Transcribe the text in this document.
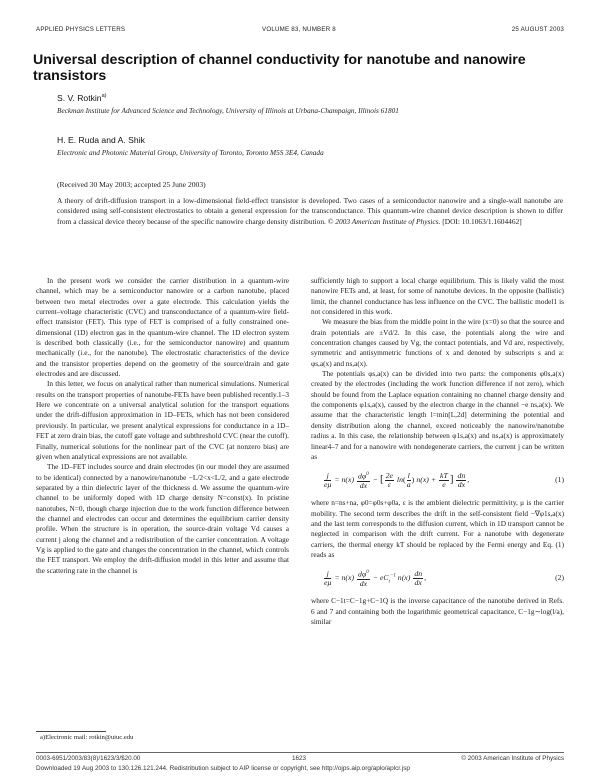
APPLIED PHYSICS LETTERS	VOLUME 83, NUMBER 8	25 AUGUST 2003
Universal description of channel conductivity for nanotube and nanowire transistors
S. V. Rotkin$^{a)}$
Beckman Institute for Advanced Science and Technology, University of Illinois at Urbana-Champaign, Illinois 61801
H. E. Ruda and A. Shik
Electronic and Photonic Material Group, University of Toronto, Toronto M5S 3E4, Canada
(Received 30 May 2003; accepted 25 June 2003)
A theory of drift-diffusion transport in a low-dimensional field-effect transistor is developed. Two cases of a semiconductor nanowire and a single-wall nanotube are considered using self-consistent electrostatics to obtain a general expression for the transconductance. This quantum-wire channel device description is shown to differ from a classical device theory because of the specific nanowire charge density distribution. © 2003 American Institute of Physics. [DOI: 10.1063/1.1604462]

In the present work we consider the carrier distribution in a quantum-wire channel, which may be a semiconductor nanowire or a carbon nanotube, placed between two metal electrodes over a gate electrode. This calculation yields the current–voltage characteristic (CVC) and transconductance of a quantum-wire field-effect transistor (FET). This type of FET is comprised of a fully constrained one-dimensional (1D) electron gas in the quantum-wire channel. The 1D electron system is described both classically (i.e., for the semiconductor nanowire) and quantum mechanically (i.e., for the nanotube). The electrostatic characteristics of the device and the transistor properties depend on the geometry of the source/drain and gate electrodes and are discussed.

In this letter, we focus on analytical rather than numerical simulations. Numerical results on the transport properties of nanotube-FETs have been published recently.1–3 Here we concentrate on a universal analytical solution for the transport equations under the drift-diffusion approximation in 1D–FETs, which has not been considered previously. In particular, we present analytical expressions for conductance in a 1D–FET at zero drain bias, the cutoff gate voltage and subthreshold CVC (near the cutoff). Finally, numerical solutions for the nonlinear part of the CVC (at nonzero bias) are given when analytical expressions are not available.

The 1D–FET includes source and drain electrodes (in our model they are assumed to be identical) connected by a nanowire/nanotube −L/2<x<L/2, and a gate electrode separated by a thin dielectric layer of the thickness d. We assume the quantum-wire channel to be uniformly doped with 1D charge density N=const(x). In pristine nanotubes, N=0, though charge injection due to the work function difference between the channel and electrodes can occur and determines the equilibrium carrier density profile. When the structure is in operation, the source-drain voltage Vd causes a current j along the channel and a redistribution of the carrier concentration. A voltage Vg is applied to the gate and changes the concentration in the channel, which controls the FET transport. We employ the drift-diffusion model in this letter and assume that the scattering rate in the channel is

sufficiently high to support a local charge equilibrium. This is likely valid the most nanowire FETs and, at least, for some of nanotube devices. In the opposite (ballistic) limit, the channel conductance has less influence on the CVC. The ballistic model1 is not considered in this work.

We measure the bias from the middle point in the wire (x=0) so that the source and drain potentials are ±Vd/2. In this case, the potentials along the wire and concentration changes caused by Vg, the contact potentials, and Vd are, respectively, symmetric and antisymmetric functions of x and denoted by subscripts s and a: φs,a(x) and ns,a(x).

The potentials φs,a(x) can be divided into two parts: the components φ0s,a(x) created by the electrodes (including the work function difference if not zero), which should be found from the Laplace equation containing no channel charge density and the components φ1s,a(x), caused by the electron charge in the channel −e ns,a(x). We assume that the characteristic length l=min[L,2d] determining the potential and density distribution along the channel, exceed noticeably the nanowire/nanotube radius a. In this case, the relationship between φ1s,a(x) and ns,a(x) is approximately linear4–7 and for a nanowire with nondegenerate carriers, the current j can be written as

$\frac{j}{e\mu} = n(x) \frac{d\varphi^0}{dx}$ − [ $\frac{2e}{\varepsilon} \ln( \frac{l}{a}$ ) $n(x) + \frac{kT}{e}$ ] $\frac{dn}{dx}$ ,	(1)

where n=ns+na, φ0=φ0s+φ0a, ε is the ambient dielectric permittivity, μ is the carrier mobility. The second term describes the drift in the self-consistent field −∇φ1s,a(x) and the last term corresponds to the diffusion current, which in 1D transport cannot be neglected in comparison with the drift current. For a nanotube with degenerate carriers, the thermal energy kT should be replaced by the Fermi energy and Eq. (1) reads as

$\frac{j}{e\mu} = n(x) \frac{d\varphi^0}{dx} - eC_t^{-1}$ $n(x) \frac{dn}{dx}$ ,	(2)

where C−1t=C−1g+C−1Q is the inverse capacitance of the nanotube derived in Refs. 6 and 7 and containing both the logarithmic geometrical capacitance, C−1g∼log(l/a), similar

a)Electronic mail: rotkin@uiuc.edu
0003-6951/2003/83(8)/1623/3/$20.00	1623	© 2003 American Institute of Physics
Downloaded 19 Aug 2003 to 130.126.121.244. Redistribution subject to AIP license or copyright, see http://ojps.aip.org/aplo/aplcr.jsp
